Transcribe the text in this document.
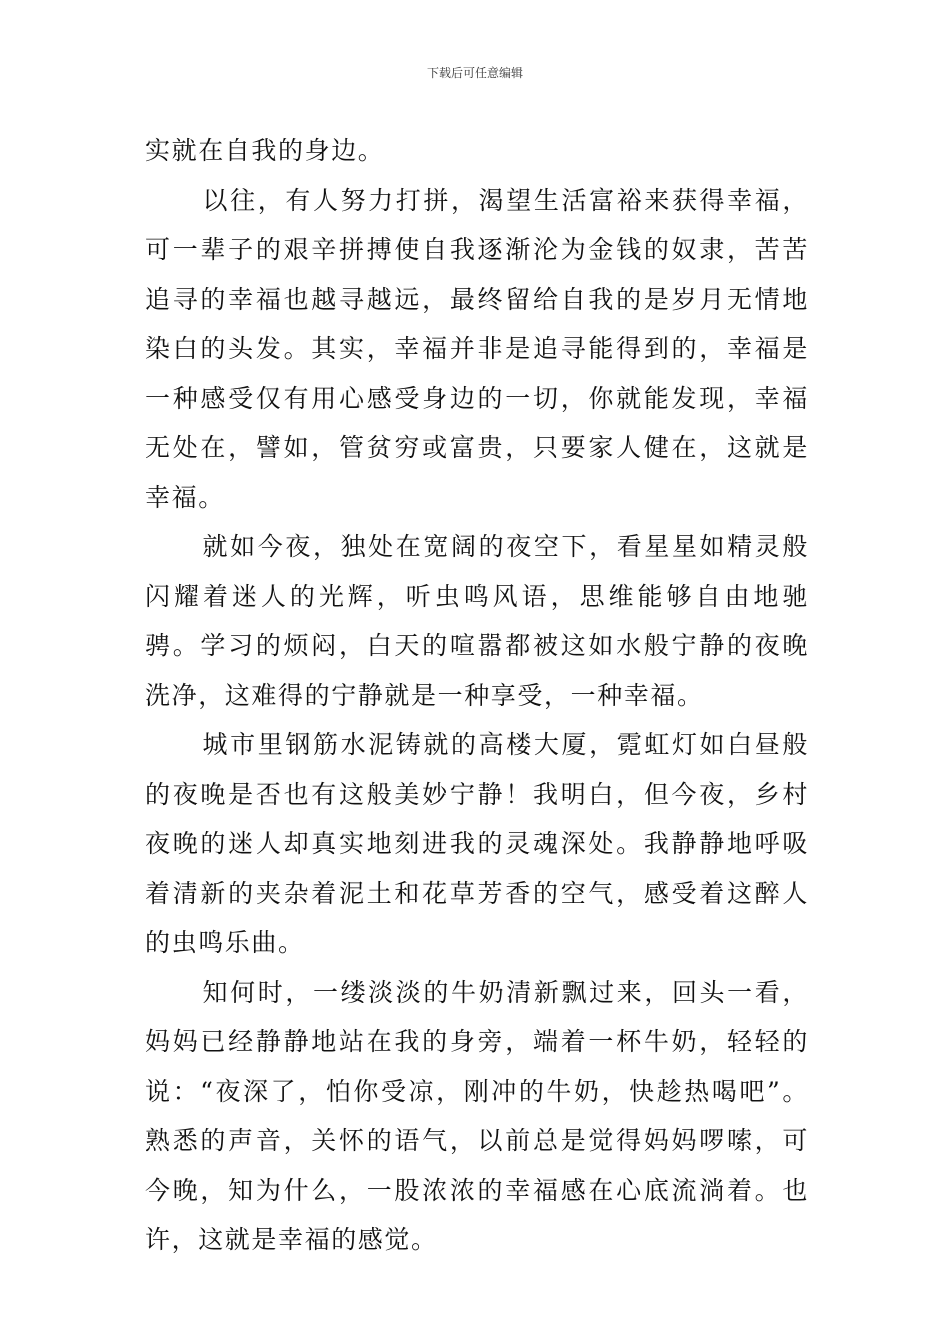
下载后可任意编辑

实就在自我的身边。

以往，有人努力打拼，渴望生活富裕来获得幸福，可一辈子的艰辛拼搏使自我逐渐沦为金钱的奴隶，苦苦追寻的幸福也越寻越远，最终留给自我的是岁月无情地染白的头发。其实，幸福并非是追寻能得到的，幸福是一种感受仅有用心感受身边的一切，你就能发现，幸福无处在，譬如，管贫穷或富贵，只要家人健在，这就是幸福。

就如今夜，独处在宽阔的夜空下，看星星如精灵般闪耀着迷人的光辉，听虫鸣风语，思维能够自由地驰骋。学习的烦闷，白天的喧嚣都被这如水般宁静的夜晚洗净，这难得的宁静就是一种享受，一种幸福。

城市里钢筋水泥铸就的高楼大厦，霓虹灯如白昼般的夜晚是否也有这般美妙宁静！我明白，但今夜，乡村夜晚的迷人却真实地刻进我的灵魂深处。我静静地呼吸着清新的夹杂着泥土和花草芳香的空气，感受着这醉人的虫鸣乐曲。

知何时，一缕淡淡的牛奶清新飘过来，回头一看，妈妈已经静静地站在我的身旁，端着一杯牛奶，轻轻的说：“夜深了，怕你受凉，刚冲的牛奶，快趁热喝吧”。熟悉的声音，关怀的语气，以前总是觉得妈妈啰嗦，可今晚，知为什么，一股浓浓的幸福感在心底流淌着。也许，这就是幸福的感觉。
